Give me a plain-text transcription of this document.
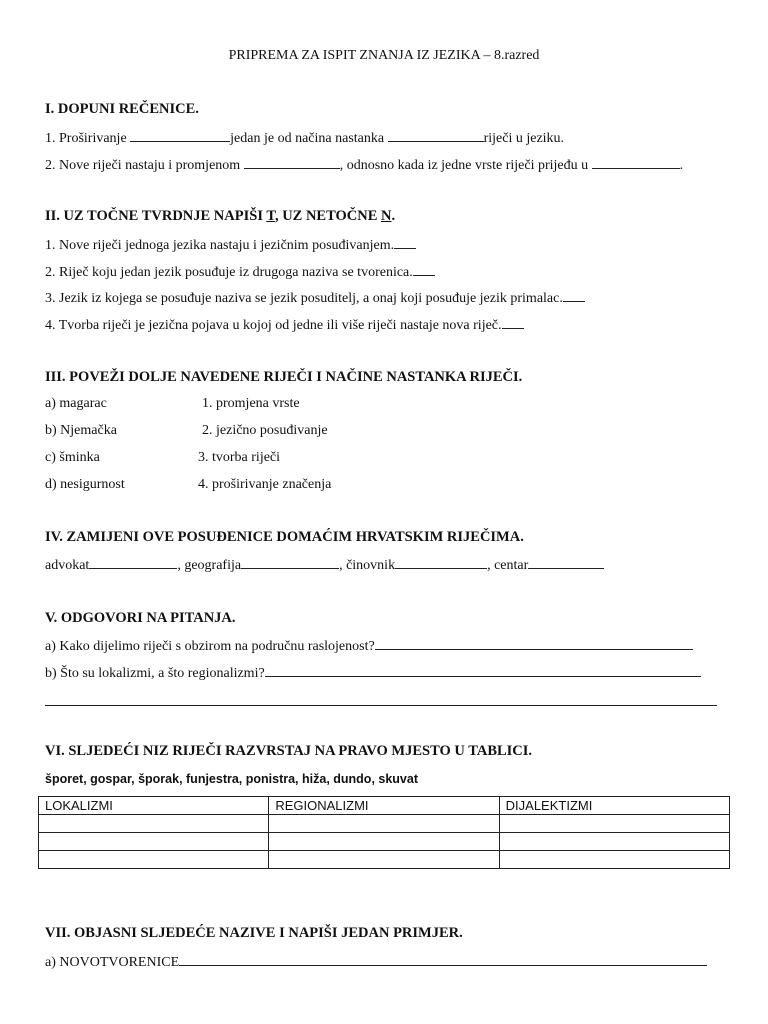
PRIPREMA ZA ISPIT ZNANJA IZ JEZIKA – 8.razred
I. DOPUNI REČENICE.
1. Proširivanje	jedan je od načina nastanka	riječi u jeziku.
2. Nove riječi nastaju i promjenom	, odnosno kada iz jedne vrste riječi prijeđu u	.
II. UZ TOČNE TVRDNJE NAPIŠI T, UZ NETOČNE N.
1. Nove riječi jednoga jezika nastaju i jezičnim posuđivanjem.
2. Riječ koju jedan jezik posuđuje iz drugoga naziva se tvorenica.
3. Jezik iz kojega se posuđuje naziva se jezik posuditelj, a onaj koji posuđuje jezik primalac.
4. Tvorba riječi je jezična pojava u kojoj od jedne ili više riječi nastaje nova riječ.
III. POVEŽI DOLJE NAVEDENE RIJEČI I NAČINE NASTANKA RIJEČI.
a) magarac	1. promjena vrste
b) Njemačka	2. jezično posuđivanje
c) šminka	3. tvorba riječi
d) nesigurnost	4. proširivanje značenja
IV. ZAMIJENI OVE POSUĐENICE DOMAĆIM HRVATSKIM RIJEČIMA.
advokat	, geografija	, činovnik	, centar
V. ODGOVORI NA PITANJA.
a) Kako dijelimo riječi s obzirom na područnu raslojenost?
b) Što su lokalizmi, a što regionalizmi?
VI. SLJEDEĆI NIZ RIJEČI RAZVRSTAJ NA PRAVO MJESTO U TABLICI.
šporet, gospar, šporak, funjestra, ponistra, hiža, dundo, skuvat
LOKALIZMI	REGIONALIZMI	DIJALEKTIZMI

VII. OBJASNI SLJEDEĆE NAZIVE I NAPIŠI JEDAN PRIMJER.
a) NOVOTVORENICE
